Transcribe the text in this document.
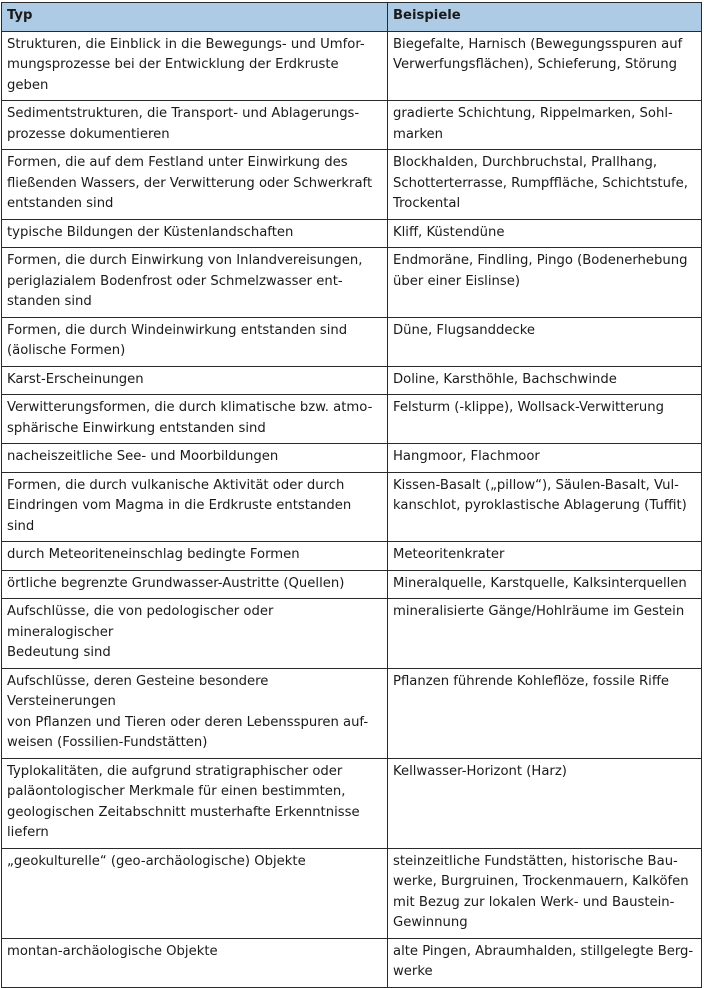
Typ	Beispiele
Strukturen, die Einblick in die Bewegungs- und Umfor-
mungsprozesse bei der Entwicklung der Erdkruste geben	Biegefalte, Harnisch (Bewegungsspuren auf
Verwerfungsflächen), Schieferung, Störung
Sedimentstrukturen, die Transport- und Ablagerungs-
prozesse dokumentieren	gradierte Schichtung, Rippelmarken, Sohl-
marken
Formen, die auf dem Festland unter Einwirkung des
fließenden Wassers, der Verwitterung oder Schwerkraft
entstanden sind	Blockhalden, Durchbruchstal, Prallhang,
Schotterterrasse, Rumpffläche, Schichtstufe,
Trockental
typische Bildungen der Küstenlandschaften	Kliff, Küstendüne
Formen, die durch Einwirkung von Inlandvereisungen,
periglazialem Bodenfrost oder Schmelzwasser ent-
standen sind	Endmoräne, Findling, Pingo (Bodenerhebung
über einer Eislinse)
Formen, die durch Windeinwirkung entstanden sind
(äolische Formen)	Düne, Flugsanddecke
Karst-Erscheinungen	Doline, Karsthöhle, Bachschwinde
Verwitterungsformen, die durch klimatische bzw. atmo-
sphärische Einwirkung entstanden sind	Felsturm (-klippe), Wollsack-Verwitterung
nacheiszeitliche See- und Moorbildungen	Hangmoor, Flachmoor
Formen, die durch vulkanische Aktivität oder durch
Eindringen vom Magma in die Erdkruste entstanden sind	Kissen-Basalt („pillow“), Säulen-Basalt, Vul-
kanschlot, pyroklastische Ablagerung (Tuffit)
durch Meteoriteneinschlag bedingte Formen	Meteoritenkrater
örtliche begrenzte Grundwasser-Austritte (Quellen)	Mineralquelle, Karstquelle, Kalksinterquellen
Aufschlüsse, die von pedologischer oder mineralogischer
Bedeutung sind	mineralisierte Gänge/Hohlräume im Gestein
Aufschlüsse, deren Gesteine besondere Versteinerungen
von Pflanzen und Tieren oder deren Lebensspuren auf-
weisen (Fossilien-Fundstätten)	Pflanzen führende Kohleflöze, fossile Riffe
Typlokalitäten, die aufgrund stratigraphischer oder
paläontologischer Merkmale für einen bestimmten,
geologischen Zeitabschnitt musterhafte Erkenntnisse
liefern	Kellwasser-Horizont (Harz)
„geokulturelle“ (geo-archäologische) Objekte	steinzeitliche Fundstätten, historische Bau-
werke, Burgruinen, Trockenmauern, Kalköfen
mit Bezug zur lokalen Werk- und Baustein-
Gewinnung
montan-archäologische Objekte	alte Pingen, Abraumhalden, stillgelegte Berg-
werke
